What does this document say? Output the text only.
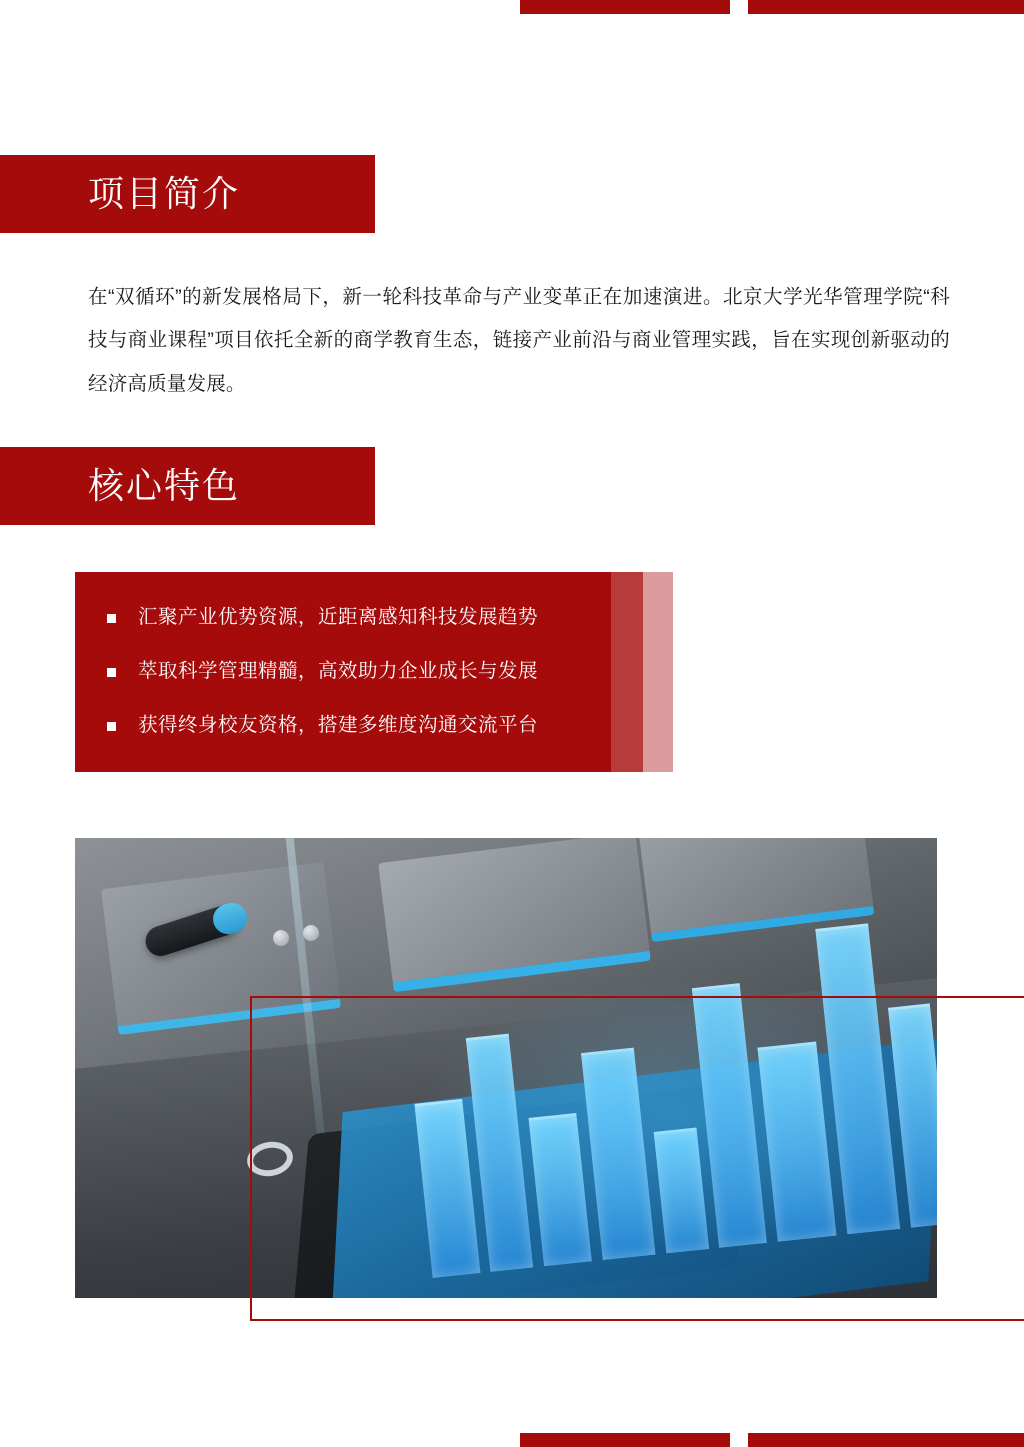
项目简介

在“双循环”的新发展格局下，新一轮科技革命与产业变革正在加速演进。北京大学光华管理学院“科技与商业课程”项目依托全新的商学教育生态，链接产业前沿与商业管理实践，旨在实现创新驱动的经济高质量发展。

核心特色
汇聚产业优势资源，近距离感知科技发展趋势
萃取科学管理精髓，高效助力企业成长与发展
获得终身校友资格，搭建多维度沟通交流平台
